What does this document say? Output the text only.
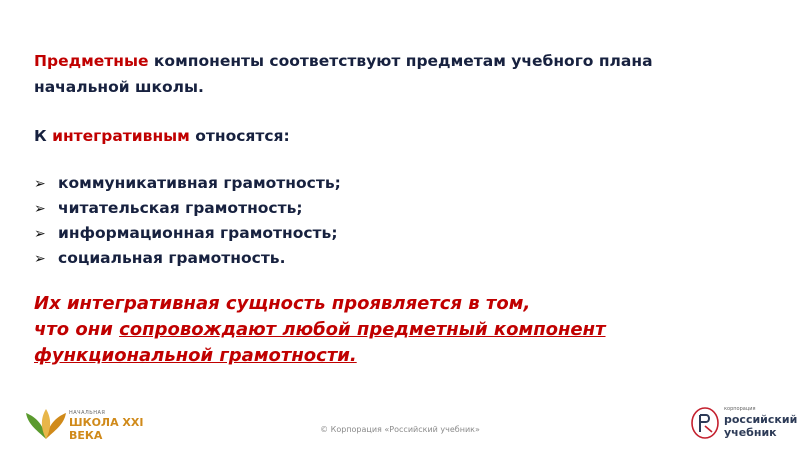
Предметные компоненты соответствуют предметам учебного плана
начальной школы.
К интегративным относятся:
➢ коммуникативная грамотность;
➢ читательская грамотность;
➢ информационная грамотность;
➢ социальная грамотность.
Их интегративная сущность проявляется в том,
что они сопровождают любой предметный компонент
функциональной грамотности.
НАЧАЛЬНАЯ
ШКОЛА XXI ВЕКА	© Корпорация «Российский учебник»
корпорация
российский
учебник
